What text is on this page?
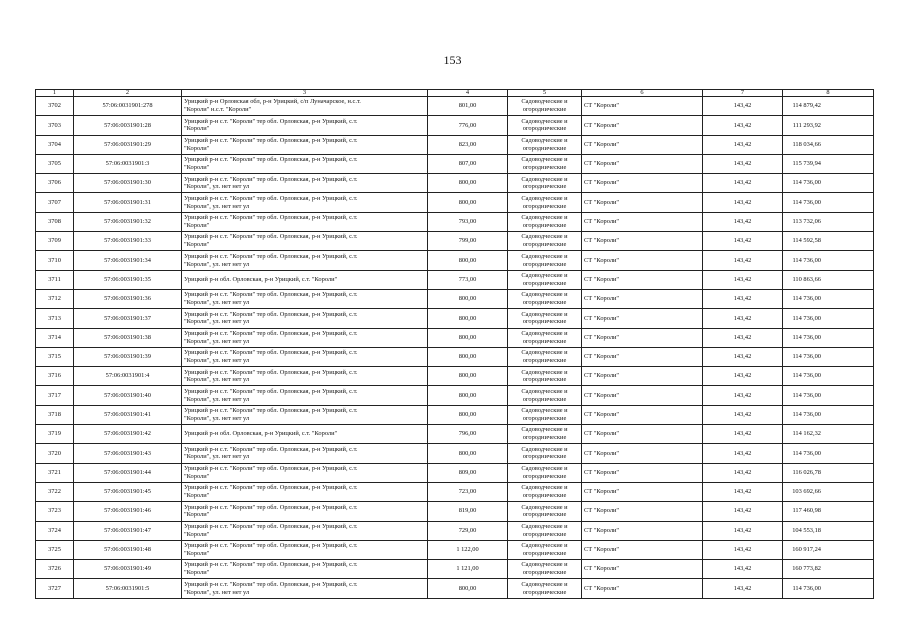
153
1	2	3	4	5	6	7	8
3702	57:06:0031901:278	Урицкий р-н Орловская обл, р-н Урицкий, с/п Луначарское, н.с.т.
"Короли" н.с.т. "Короли"	801,00	Садоводческие и
огороднические	СТ "Короли"	143,42	114 879,42
3703	57:06:0031901:28	Урицкий р-н с.т. "Короли" тер обл. Орловская, р-н Урицкий, с.т.
"Короли"	776,00	Садоводческие и
огороднические	СТ "Короли"	143,42	111 293,92
3704	57:06:0031901:29	Урицкий р-н с.т. "Короли" тер обл. Орловская, р-н Урицкий, с.т.
"Короли"	823,00	Садоводческие и
огороднические	СТ "Короли"	143,42	118 034,66
3705	57:06:0031901:3	Урицкий р-н с.т. "Короли" тер обл. Орловская, р-н Урицкий, с.т.
"Короли"	807,00	Садоводческие и
огороднические	СТ "Короли"	143,42	115 739,94
3706	57:06:0031901:30	Урицкий р-н с.т. "Короли" тер обл. Орловская, р-н Урицкий, с.т.
"Короли", ул. нет нет ул	800,00	Садоводческие и
огороднические	СТ "Короли"	143,42	114 736,00
3707	57:06:0031901:31	Урицкий р-н с.т. "Короли" тер обл. Орловская, р-н Урицкий, с.т.
"Короли", ул. нет нет ул	800,00	Садоводческие и
огороднические	СТ "Короли"	143,42	114 736,00
3708	57:06:0031901:32	Урицкий р-н с.т. "Короли" тер обл. Орловская, р-н Урицкий, с.т.
"Короли"	793,00	Садоводческие и
огороднические	СТ "Короли"	143,42	113 732,06
3709	57:06:0031901:33	Урицкий р-н с.т. "Короли" тер обл. Орловская, р-н Урицкий, с.т.
"Короли"	799,00	Садоводческие и
огороднические	СТ "Короли"	143,42	114 592,58
3710	57:06:0031901:34	Урицкий р-н с.т. "Короли" тер обл. Орловская, р-н Урицкий, с.т.
"Короли", ул. нет нет ул	800,00	Садоводческие и
огороднические	СТ "Короли"	143,42	114 736,00
3711	57:06:0031901:35	Урицкий р-н обл. Орловская, р-н Урицкий, с.т. "Короли"	773,00	Садоводческие и
огороднические	СТ "Короли"	143,42	110 863,66
3712	57:06:0031901:36	Урицкий р-н с.т. "Короли" тер обл. Орловская, р-н Урицкий, с.т.
"Короли", ул. нет нет ул	800,00	Садоводческие и
огороднические	СТ "Короли"	143,42	114 736,00
3713	57:06:0031901:37	Урицкий р-н с.т. "Короли" тер обл. Орловская, р-н Урицкий, с.т.
"Короли", ул. нет нет ул	800,00	Садоводческие и
огороднические	СТ "Короли"	143,42	114 736,00
3714	57:06:0031901:38	Урицкий р-н с.т. "Короли" тер обл. Орловская, р-н Урицкий, с.т.
"Короли", ул. нет нет ул	800,00	Садоводческие и
огороднические	СТ "Короли"	143,42	114 736,00
3715	57:06:0031901:39	Урицкий р-н с.т. "Короли" тер обл. Орловская, р-н Урицкий, с.т.
"Короли", ул. нет нет ул	800,00	Садоводческие и
огороднические	СТ "Короли"	143,42	114 736,00
3716	57:06:0031901:4	Урицкий р-н с.т. "Короли" тер обл. Орловская, р-н Урицкий, с.т.
"Короли", ул. нет нет ул	800,00	Садоводческие и
огороднические	СТ "Короли"	143,42	114 736,00
3717	57:06:0031901:40	Урицкий р-н с.т. "Короли" тер обл. Орловская, р-н Урицкий, с.т.
"Короли", ул. нет нет ул	800,00	Садоводческие и
огороднические	СТ "Короли"	143,42	114 736,00
3718	57:06:0031901:41	Урицкий р-н с.т. "Короли" тер обл. Орловская, р-н Урицкий, с.т.
"Короли", ул. нет нет ул	800,00	Садоводческие и
огороднические	СТ "Короли"	143,42	114 736,00
3719	57:06:0031901:42	Урицкий р-н обл. Орловская, р-н Урицкий, с.т. "Короли"	796,00	Садоводческие и
огороднические	СТ "Короли"	143,42	114 162,32
3720	57:06:0031901:43	Урицкий р-н с.т. "Короли" тер обл. Орловская, р-н Урицкий, с.т.
"Короли", ул. нет нет ул	800,00	Садоводческие и
огороднические	СТ "Короли"	143,42	114 736,00
3721	57:06:0031901:44	Урицкий р-н с.т. "Короли" тер обл. Орловская, р-н Урицкий, с.т.
"Короли"	809,00	Садоводческие и
огороднические	СТ "Короли"	143,42	116 026,78
3722	57:06:0031901:45	Урицкий р-н с.т. "Короли" тер обл. Орловская, р-н Урицкий, с.т.
"Короли"	723,00	Садоводческие и
огороднические	СТ "Короли"	143,42	103 692,66
3723	57:06:0031901:46	Урицкий р-н с.т. "Короли" тер обл. Орловская, р-н Урицкий, с.т.
"Короли"	819,00	Садоводческие и
огороднические	СТ "Короли"	143,42	117 460,98
3724	57:06:0031901:47	Урицкий р-н с.т. "Короли" тер обл. Орловская, р-н Урицкий, с.т.
"Короли"	729,00	Садоводческие и
огороднические	СТ "Короли"	143,42	104 553,18
3725	57:06:0031901:48	Урицкий р-н с.т. "Короли" тер обл. Орловская, р-н Урицкий, с.т.
"Короли"	1 122,00	Садоводческие и
огороднические	СТ "Короли"	143,42	160 917,24
3726	57:06:0031901:49	Урицкий р-н с.т. "Короли" тер обл. Орловская, р-н Урицкий, с.т.
"Короли"	1 121,00	Садоводческие и
огороднические	СТ "Короли"	143,42	160 773,82
3727	57:06:0031901:5	Урицкий р-н с.т. "Короли" тер обл. Орловская, р-н Урицкий, с.т.
"Короли", ул. нет нет ул	800,00	Садоводческие и
огороднические	СТ "Короли"	143,42	114 736,00
